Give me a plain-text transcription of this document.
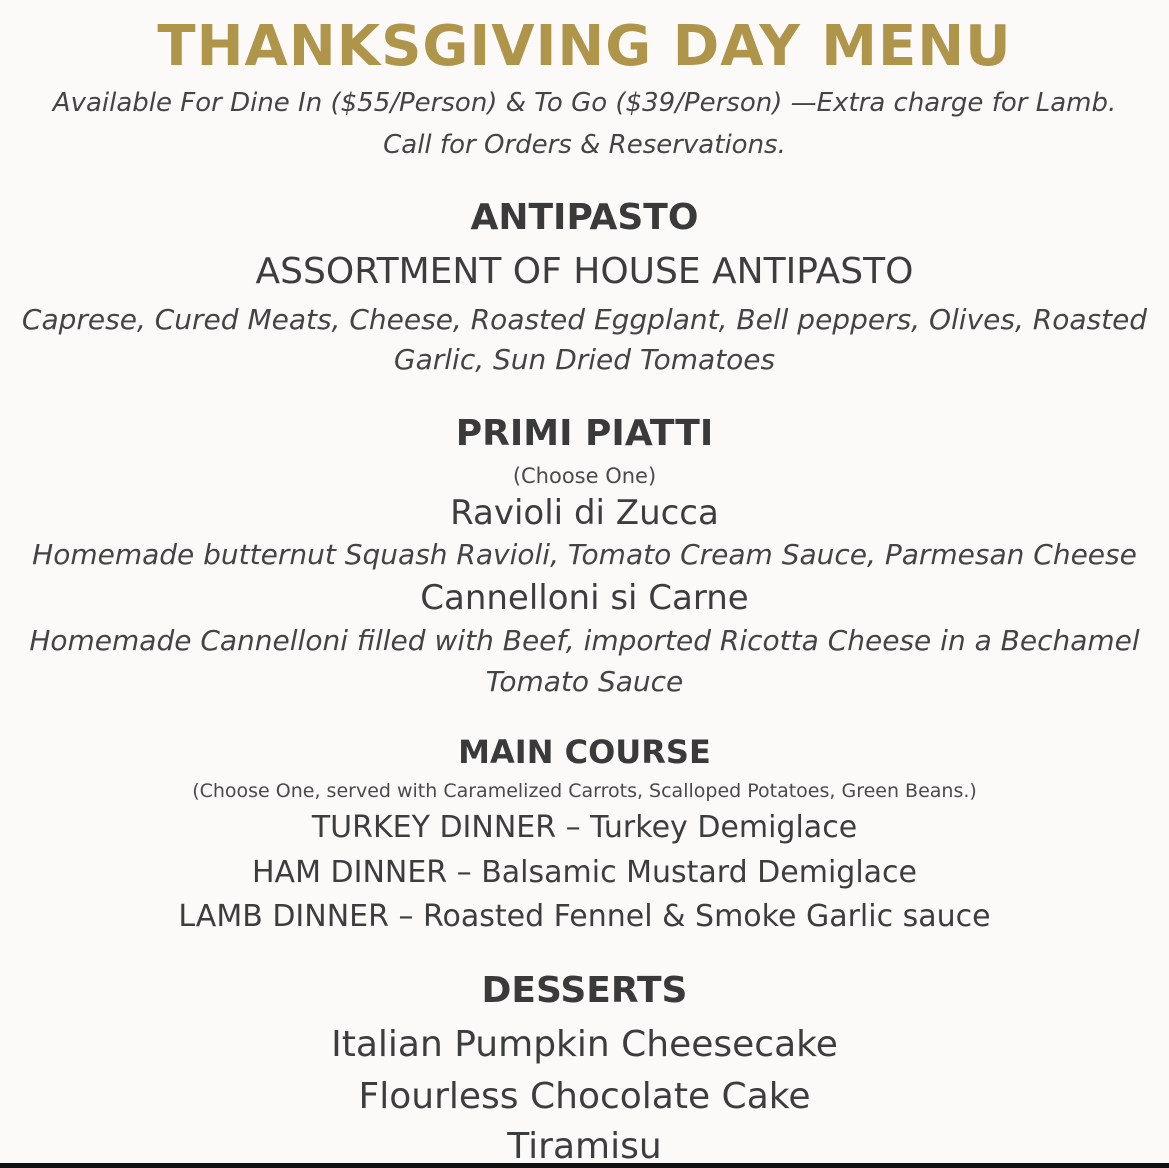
THANKSGIVING DAY MENU
Available For Dine In ($55/Person) & To Go ($39/Person) —Extra charge for Lamb.
Call for Orders & Reservations.
ANTIPASTO
ASSORTMENT OF HOUSE ANTIPASTO
Caprese, Cured Meats, Cheese, Roasted Eggplant, Bell peppers, Olives, Roasted
Garlic, Sun Dried Tomatoes
PRIMI PIATTI
(Choose One)
Ravioli di Zucca
Homemade butternut Squash Ravioli, Tomato Cream Sauce, Parmesan Cheese
Cannelloni si Carne
Homemade Cannelloni filled with Beef, imported Ricotta Cheese in a Bechamel
Tomato Sauce
MAIN COURSE
(Choose One, served with Caramelized Carrots, Scalloped Potatoes, Green Beans.)
TURKEY DINNER – Turkey Demiglace
HAM DINNER – Balsamic Mustard Demiglace
LAMB DINNER – Roasted Fennel & Smoke Garlic sauce
DESSERTS
Italian Pumpkin Cheesecake
Flourless Chocolate Cake
Tiramisu
